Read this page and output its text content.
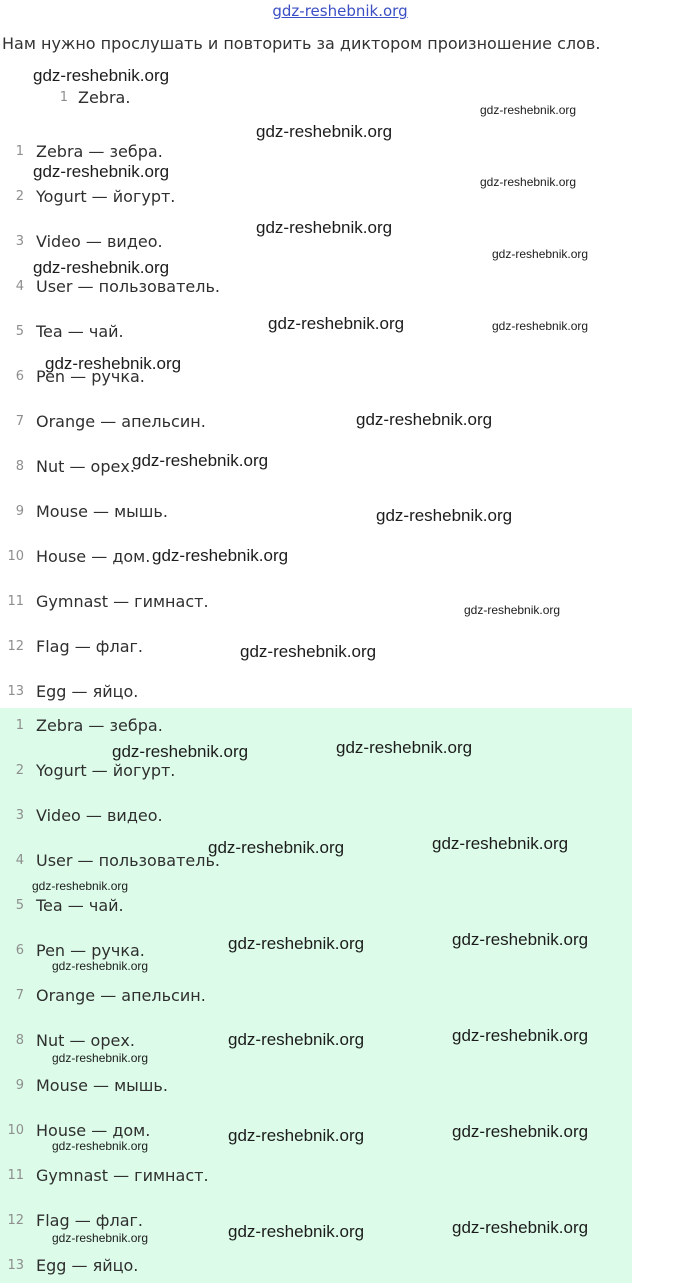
gdz-reshebnik.org
Нам нужно прослушать и повторить за диктором произношение слов.
1 Zebra.
1 Zebra — зебра.
2 Yogurt — йогурт.
3 Video — видео.
4 User — пользователь.
5 Tea — чай.
6 Pen — ручка.
7 Orange — апельсин.
8 Nut — орех.
9 Mouse — мышь.
10 House — дом.
11 Gymnast — гимнаст.
12 Flag — флаг.
13 Egg — яйцо.
1 Zebra — зебра.
2 Yogurt — йогурт.
3 Video — видео.
4 User — пользователь.
5 Tea — чай.
6 Pen — ручка.
7 Orange — апельсин.
8 Nut — орех.
9 Mouse — мышь.
10 House — дом.
11 Gymnast — гимнаст.
12 Flag — флаг.
13 Egg — яйцо.
gdz-reshebnik.org
gdz-reshebnik.org
gdz-reshebnik.org
gdz-reshebnik.org
gdz-reshebnik.org
gdz-reshebnik.org
gdz-reshebnik.org
gdz-reshebnik.org
gdz-reshebnik.org	gdz-reshebnik.org
gdz-reshebnik.org
gdz-reshebnik.org
gdz-reshebnik.org
gdz-reshebnik.org
gdz-reshebnik.org
gdz-reshebnik.org
gdz-reshebnik.org
gdz-reshebnik.org
gdz-reshebnik.org
gdz-reshebnik.org
gdz-reshebnik.org
gdz-reshebnik.org
gdz-reshebnik.org
gdz-reshebnik.org
gdz-reshebnik.org
gdz-reshebnik.org
gdz-reshebnik.org
gdz-reshebnik.org
gdz-reshebnik.org
gdz-reshebnik.org
gdz-reshebnik.org
gdz-reshebnik.org
gdz-reshebnik.org
gdz-reshebnik.org
